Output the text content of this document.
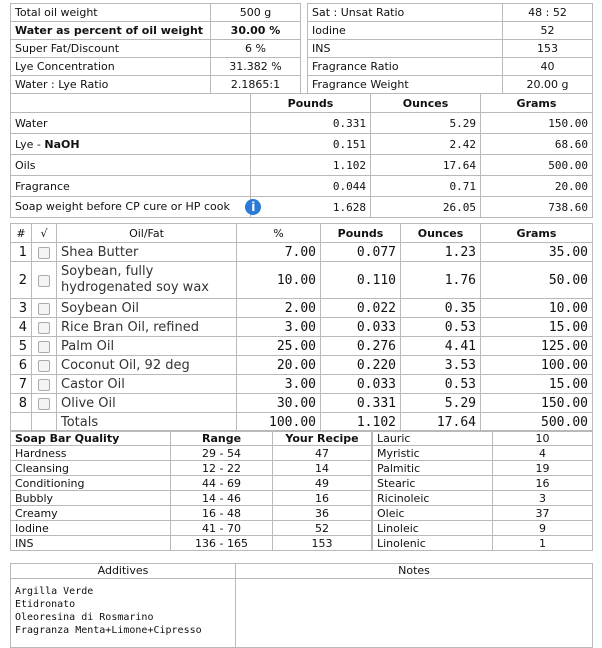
Total oil weight	500 g
Water as percent of oil weight	30.00 %
Super Fat/Discount	6 %
Lye Concentration	31.382 %
Water : Lye Ratio	2.1865:1
Sat : Unsat Ratio	48 : 52
Iodine	52
INS	153
Fragrance Ratio	40
Fragrance Weight	20.00 g
	Pounds	Ounces	Grams
Water	0.331	5.29	150.00
Lye - NaOH	0.151	2.42	68.60
Oils	1.102	17.64	500.00
Fragrance	0.044	0.71	20.00
Soap weight before CP cure or HP cook i	1.628	26.05	738.60
#	√	Oil/Fat	%	Pounds	Ounces	Grams
1		Shea Butter	7.00	0.077	1.23	35.00
2		Soybean, fully
hydrogenated soy wax	10.00	0.110	1.76	50.00
3		Soybean Oil	2.00	0.022	0.35	10.00
4		Rice Bran Oil, refined	3.00	0.033	0.53	15.00
5		Palm Oil	25.00	0.276	4.41	125.00
6		Coconut Oil, 92 deg	20.00	0.220	3.53	100.00
7		Castor Oil	3.00	0.033	0.53	15.00
8		Olive Oil	30.00	0.331	5.29	150.00
		Totals	100.00	1.102	17.64	500.00
Soap Bar Quality	Range	Your Recipe
Hardness	29 - 54	47
Cleansing	12 - 22	14
Conditioning	44 - 69	49
Bubbly	14 - 46	16
Creamy	16 - 48	36
Iodine	41 - 70	52
INS	136 - 165	153
Lauric	10
Myristic	4
Palmitic	19
Stearic	16
Ricinoleic	3
Oleic	37
Linoleic	9
Linolenic	1
Additives	Notes

Argilla Verde
Etidronato
Oleoresina di Rosmarino
Fragranza Menta+Limone+Cipresso	
